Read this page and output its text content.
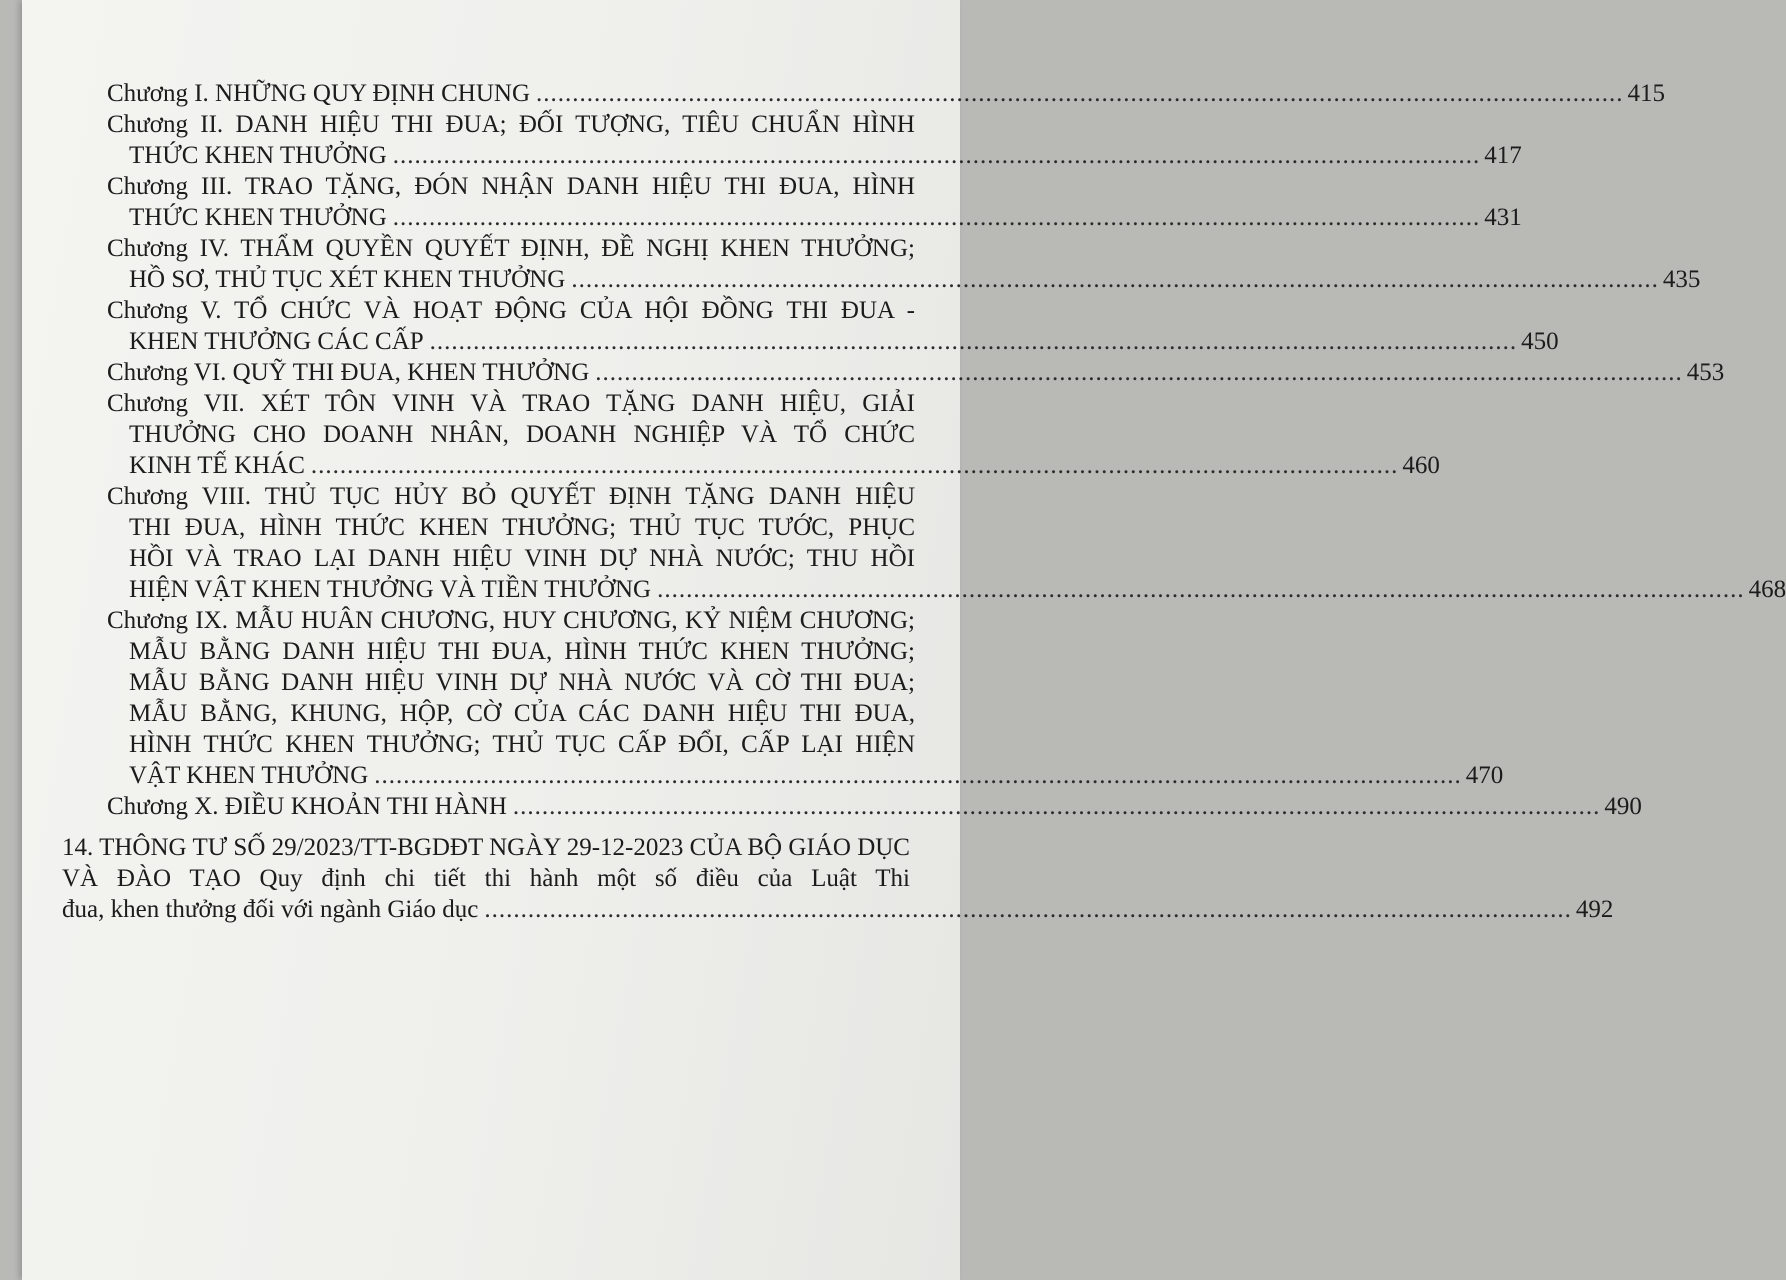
Chương I. NHỮNG QUY ĐỊNH CHUNG ...................................................................................................................................................... 415
Chương II. DANH HIỆU THI ĐUA; ĐỐI TƯỢNG, TIÊU CHUẨN HÌNH
THỨC KHEN THƯỞNG ...................................................................................................................................................... 417
Chương III. TRAO TẶNG, ĐÓN NHẬN DANH HIỆU THI ĐUA, HÌNH
THỨC KHEN THƯỞNG ...................................................................................................................................................... 431
Chương IV. THẨM QUYỀN QUYẾT ĐỊNH, ĐỀ NGHỊ KHEN THƯỞNG;
HỒ SƠ, THỦ TỤC XÉT KHEN THƯỞNG ...................................................................................................................................................... 435
Chương V. TỔ CHỨC VÀ HOẠT ĐỘNG CỦA HỘI ĐỒNG THI ĐUA -
KHEN THƯỞNG CÁC CẤP ...................................................................................................................................................... 450
Chương VI. QUỸ THI ĐUA, KHEN THƯỞNG ...................................................................................................................................................... 453
Chương VII. XÉT TÔN VINH VÀ TRAO TẶNG DANH HIỆU, GIẢI
THƯỞNG CHO DOANH NHÂN, DOANH NGHIỆP VÀ TỔ CHỨC
KINH TẾ KHÁC ...................................................................................................................................................... 460
Chương VIII. THỦ TỤC HỦY BỎ QUYẾT ĐỊNH TẶNG DANH HIỆU
THI ĐUA, HÌNH THỨC KHEN THƯỞNG; THỦ TỤC TƯỚC, PHỤC
HỒI VÀ TRAO LẠI DANH HIỆU VINH DỰ NHÀ NƯỚC; THU HỒI
HIỆN VẬT KHEN THƯỞNG VÀ TIỀN THƯỞNG ...................................................................................................................................................... 468
Chương IX. MẪU HUÂN CHƯƠNG, HUY CHƯƠNG, KỶ NIỆM CHƯƠNG;
MẪU BẰNG DANH HIỆU THI ĐUA, HÌNH THỨC KHEN THƯỞNG;
MẪU BẰNG DANH HIỆU VINH DỰ NHÀ NƯỚC VÀ CỜ THI ĐUA;
MẪU BẰNG, KHUNG, HỘP, CỜ CỦA CÁC DANH HIỆU THI ĐUA,
HÌNH THỨC KHEN THƯỞNG; THỦ TỤC CẤP ĐỔI, CẤP LẠI HIỆN
VẬT KHEN THƯỞNG ...................................................................................................................................................... 470
Chương X. ĐIỀU KHOẢN THI HÀNH ...................................................................................................................................................... 490
14. THÔNG TƯ SỐ 29/2023/TT-BGDĐT NGÀY 29-12-2023 CỦA BỘ GIÁO DỤC
VÀ ĐÀO TẠO Quy định chi tiết thi hành một số điều của Luật Thi
đua, khen thưởng đối với ngành Giáo dục ...................................................................................................................................................... 492
